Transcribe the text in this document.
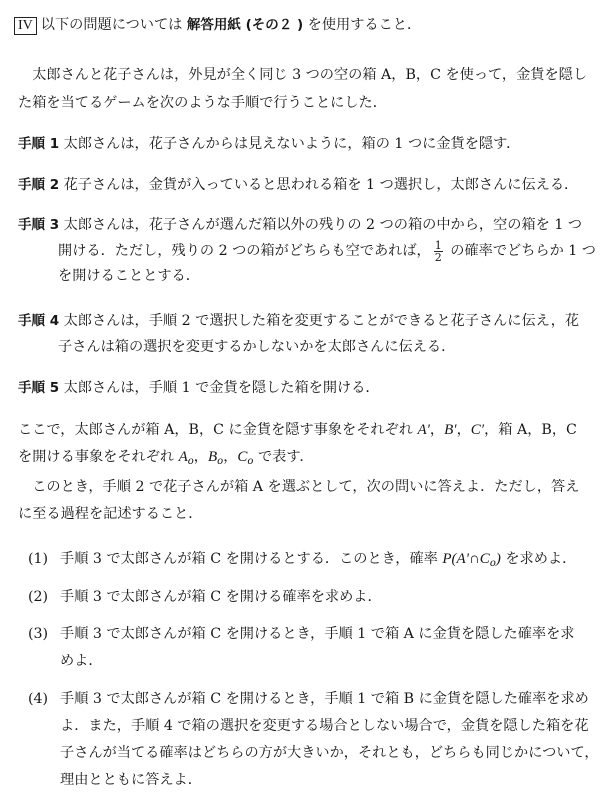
IV 以下の問題については 解答用紙 (その２ ) を使用すること．
　太郎さんと花子さんは，外見が全く同じ 3 つの空の箱 A，B，C を使って，金貨を隠し
た箱を当てるゲームを次のような手順で行うことにした．
手順 1 太郎さんは，花子さんからは見えないように，箱の 1 つに金貨を隠す．
手順 2 花子さんは，金貨が入っていると思われる箱を 1 つ選択し，太郎さんに伝える．
手順 3 太郎さんは，花子さんが選んだ箱以外の残りの 2 つの箱の中から，空の箱を 1 つ
開ける．ただし，残りの 2 つの箱がどちらも空であれば， $\frac{1}{2}$ の確率でどちらか 1 つ
を開けることとする．
手順 4 太郎さんは，手順 2 で選択した箱を変更することができると花子さんに伝え，花
子さんは箱の選択を変更するかしないかを太郎さんに伝える．
手順 5 太郎さんは，手順 1 で金貨を隠した箱を開ける．
ここで，太郎さんが箱 A，B，C に金貨を隠す事象をそれぞれ A′，B′，C′，箱 A，B，C
を開ける事象をそれぞれ $A_o$，$B_o$，$C_o$ で表す．
　このとき，手順 2 で花子さんが箱 A を選ぶとして，次の問いに答えよ．ただし，答え
に至る過程を記述すること．
(1) 手順 3 で太郎さんが箱 C を開けるとする．このとき，確率 $P(A'\cap C_o)$ を求めよ．
(2) 手順 3 で太郎さんが箱 C を開ける確率を求めよ．
(3) 手順 3 で太郎さんが箱 C を開けるとき，手順 1 で箱 A に金貨を隠した確率を求
めよ．
(4) 手順 3 で太郎さんが箱 C を開けるとき，手順 1 で箱 B に金貨を隠した確率を求め
よ．また，手順 4 で箱の選択を変更する場合としない場合で，金貨を隠した箱を花
子さんが当てる確率はどちらの方が大きいか，それとも，どちらも同じかについて，
理由とともに答えよ．
